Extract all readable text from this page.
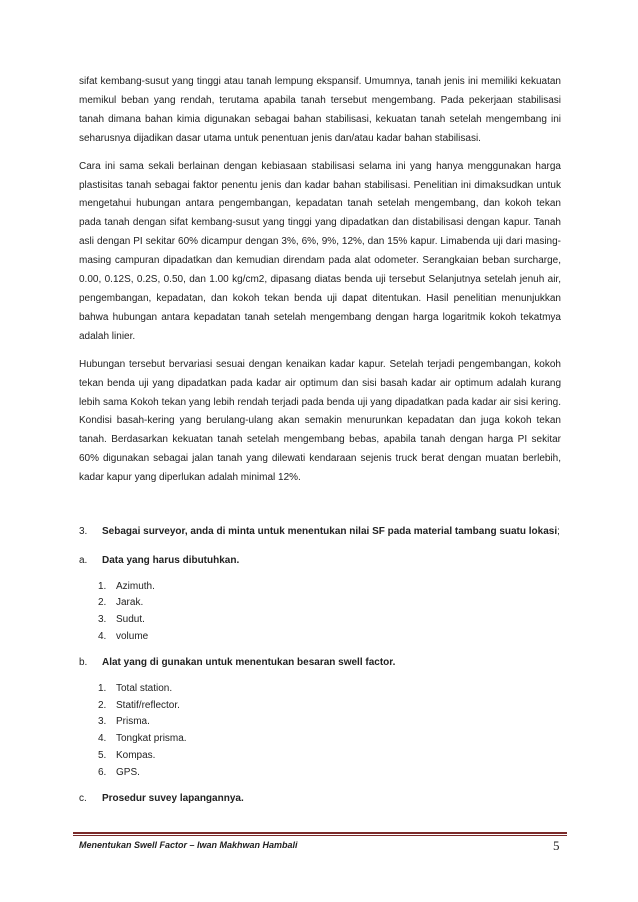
sifat kembang-susut yang tinggi atau tanah lempung ekspansif. Umumnya, tanah jenis ini memiliki kekuatan memikul beban yang rendah, terutama apabila tanah tersebut mengembang. Pada pekerjaan stabilisasi tanah dimana bahan kimia digunakan sebagai bahan stabilisasi, kekuatan tanah setelah mengembang ini seharusnya dijadikan dasar utama untuk penentuan jenis dan/atau kadar bahan stabilisasi.

Cara ini sama sekali berlainan dengan kebiasaan stabilisasi selama ini yang hanya menggunakan harga plastisitas tanah sebagai faktor penentu jenis dan kadar bahan stabilisasi. Penelitian ini dimaksudkan untuk mengetahui hubungan antara pengembangan, kepadatan tanah setelah mengembang, dan kokoh tekan pada tanah dengan sifat kembang-susut yang tinggi yang dipadatkan dan distabilisasi dengan kapur. Tanah asli dengan PI sekitar 60% dicampur dengan 3%, 6%, 9%, 12%, dan 15% kapur. Limabenda uji dari masing-masing campuran dipadatkan dan kemudian direndam pada alat odometer. Serangkaian beban surcharge, 0.00, 0.12S, 0.2S, 0.50, dan 1.00 kg/cm2, dipasang diatas benda uji tersebut Selanjutnya setelah jenuh air, pengembangan, kepadatan, dan kokoh tekan benda uji dapat ditentukan. Hasil penelitian menunjukkan bahwa hubungan antara kepadatan tanah setelah mengembang dengan harga logaritmik kokoh tekatmya adalah linier.

Hubungan tersebut bervariasi sesuai dengan kenaikan kadar kapur. Setelah terjadi pengembangan, kokoh tekan benda uji yang dipadatkan pada kadar air optimum dan sisi basah kadar air optimum adalah kurang lebih sama Kokoh tekan yang lebih rendah terjadi pada benda uji yang dipadatkan pada kadar air sisi kering. Kondisi basah-kering yang berulang-ulang akan semakin menurunkan kepadatan dan juga kokoh tekan tanah. Berdasarkan kekuatan tanah setelah mengembang bebas, apabila tanah dengan harga PI sekitar 60% digunakan sebagai jalan tanah yang dilewati kendaraan sejenis truck berat dengan muatan berlebih, kadar kapur yang diperlukan adalah minimal 12%.

3. Sebagai surveyor, anda di minta untuk menentukan nilai SF pada material tambang suatu lokasi;
a. Data yang harus dibutuhkan.
1. Azimuth.
2. Jarak.
3. Sudut.
4. volume
b. Alat yang di gunakan untuk menentukan besaran swell factor.
1. Total station.
2. Statif/reflector.
3. Prisma.
4. Tongkat prisma.
5. Kompas.
6. GPS.
c. Prosedur suvey lapangannya.
Menentukan Swell Factor – Iwan Makhwan Hambali	5
